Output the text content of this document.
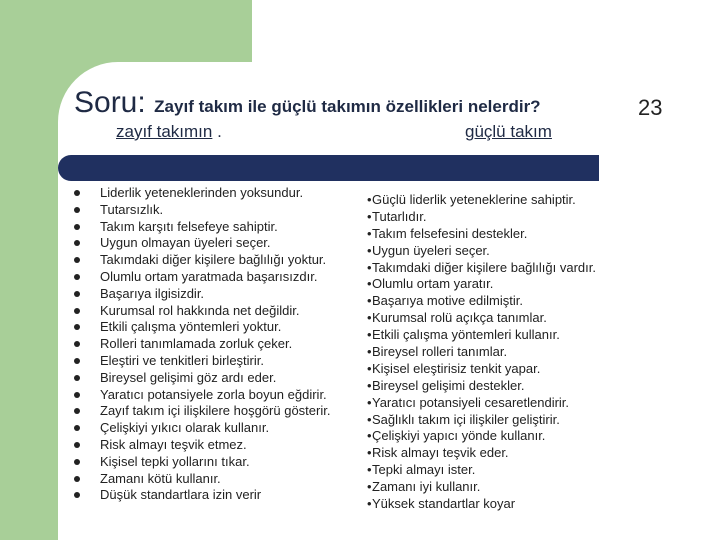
Soru: Zayıf takım ile güçlü takımın özellikleri nelerdir?	23
zayıf takımın .	güçlü takım
Liderlik yeteneklerinden yoksundur.
Tutarsızlık.
Takım karşıtı felsefeye sahiptir.
Uygun olmayan üyeleri seçer.
Takımdaki diğer kişilere bağlılığı yoktur.
Olumlu ortam yaratmada başarısızdır.
Başarıya ilgisizdir.
Kurumsal rol hakkında net değildir.
Etkili çalışma yöntemleri yoktur.
Rolleri tanımlamada zorluk çeker.
Eleştiri ve tenkitleri birleştirir.
Bireysel gelişimi göz ardı eder.
Yaratıcı potansiyele zorla boyun eğdirir.
Zayıf takım içi ilişkilere hoşgörü gösterir.
Çelişkiyi yıkıcı olarak kullanır.
Risk almayı teşvik etmez.
Kişisel tepki yollarını tıkar.
Zamanı kötü kullanır.
Düşük standartlara izin verir
•Güçlü liderlik yeteneklerine sahiptir.
•Tutarlıdır.
•Takım felsefesini destekler.
•Uygun üyeleri seçer.
•Takımdaki diğer kişilere bağlılığı vardır.
•Olumlu ortam yaratır.
•Başarıya motive edilmiştir.
•Kurumsal rolü açıkça tanımlar.
•Etkili çalışma yöntemleri kullanır.
•Bireysel rolleri tanımlar.
•Kişisel eleştirisiz tenkit yapar.
•Bireysel gelişimi destekler.
•Yaratıcı potansiyeli cesaretlendirir.
•Sağlıklı takım içi ilişkiler geliştirir.
•Çelişkiyi yapıcı yönde kullanır.
•Risk almayı teşvik eder.
•Tepki almayı ister.
•Zamanı iyi kullanır.
•Yüksek standartlar koyar
